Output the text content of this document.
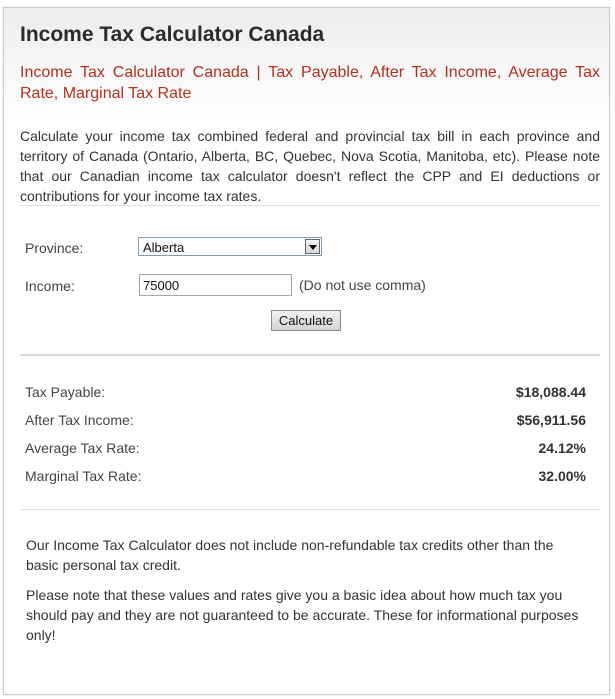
Income Tax Calculator Canada

Income Tax Calculator Canada | Tax Payable, After Tax Income, Average Tax Rate, Marginal Tax Rate

Calculate your income tax combined federal and provincial tax bill in each province and territory of Canada (Ontario, Alberta, BC, Quebec, Nova Scotia, Manitoba, etc). Please note that our Canadian income tax calculator doesn't reflect the CPP and EI deductions or contributions for your income tax rates.

Province:	Alberta
Income:
75000	(Do not use comma)
Calculate
Tax Payable:	$18,088.44
After Tax Income:	$56,911.56
Average Tax Rate:	24.12%
Marginal Tax Rate:	32.00%

Our Income Tax Calculator does not include non-refundable tax credits other than the basic personal tax credit.

Please note that these values and rates give you a basic idea about how much tax you should pay and they are not guaranteed to be accurate. These for informational purposes only!
